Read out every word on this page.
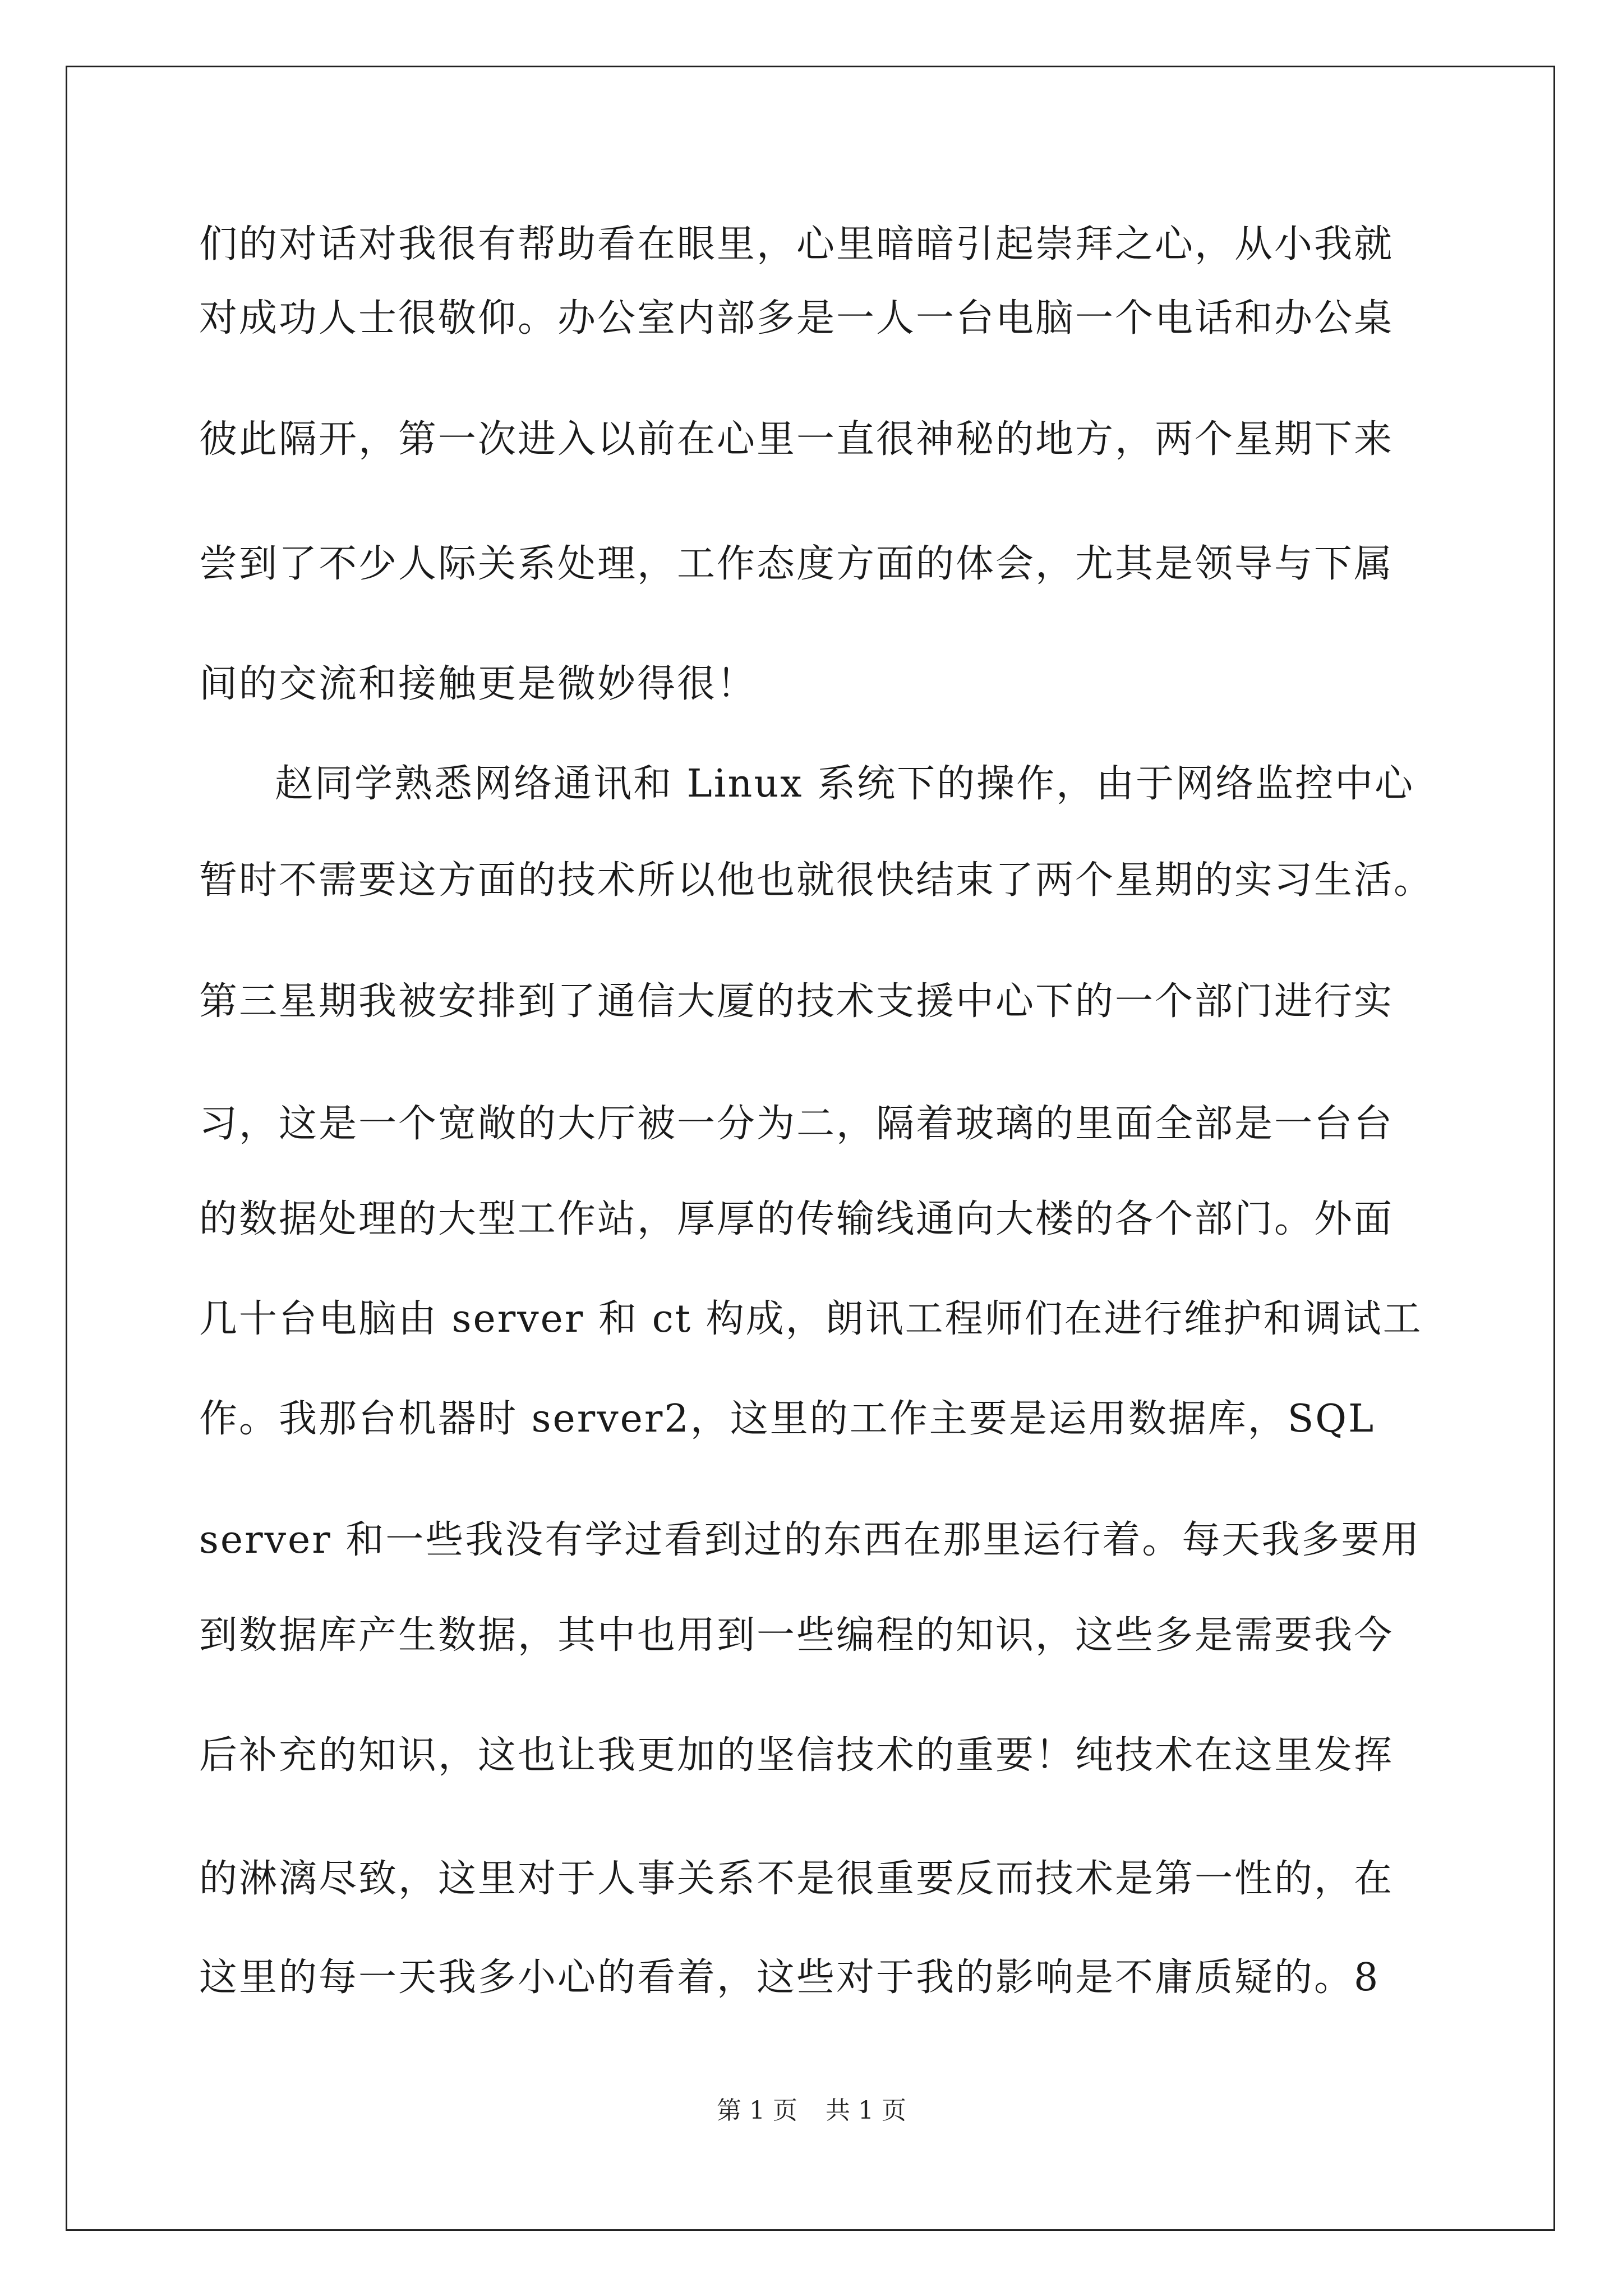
们的对话对我很有帮助看在眼里，心里暗暗引起崇拜之心，从小我就
对成功人士很敬仰。办公室内部多是一人一台电脑一个电话和办公桌
彼此隔开，第一次进入以前在心里一直很神秘的地方，两个星期下来
尝到了不少人际关系处理，工作态度方面的体会，尤其是领导与下属
间的交流和接触更是微妙得很！
赵同学熟悉网络通讯和 Linux 系统下的操作，由于网络监控中心
暂时不需要这方面的技术所以他也就很快结束了两个星期的实习生活。
第三星期我被安排到了通信大厦的技术支援中心下的一个部门进行实
习，这是一个宽敞的大厅被一分为二，隔着玻璃的里面全部是一台台
的数据处理的大型工作站，厚厚的传输线通向大楼的各个部门。外面
几十台电脑由 server 和 ct 构成，朗讯工程师们在进行维护和调试工
作。我那台机器时 server2，这里的工作主要是运用数据库，SQL
server 和一些我没有学过看到过的东西在那里运行着。每天我多要用
到数据库产生数据，其中也用到一些编程的知识，这些多是需要我今
后补充的知识，这也让我更加的坚信技术的重要！纯技术在这里发挥
的淋漓尽致，这里对于人事关系不是很重要反而技术是第一性的，在
这里的每一天我多小心的看着，这些对于我的影响是不庸质疑的。8
第 1 页 共 1 页
